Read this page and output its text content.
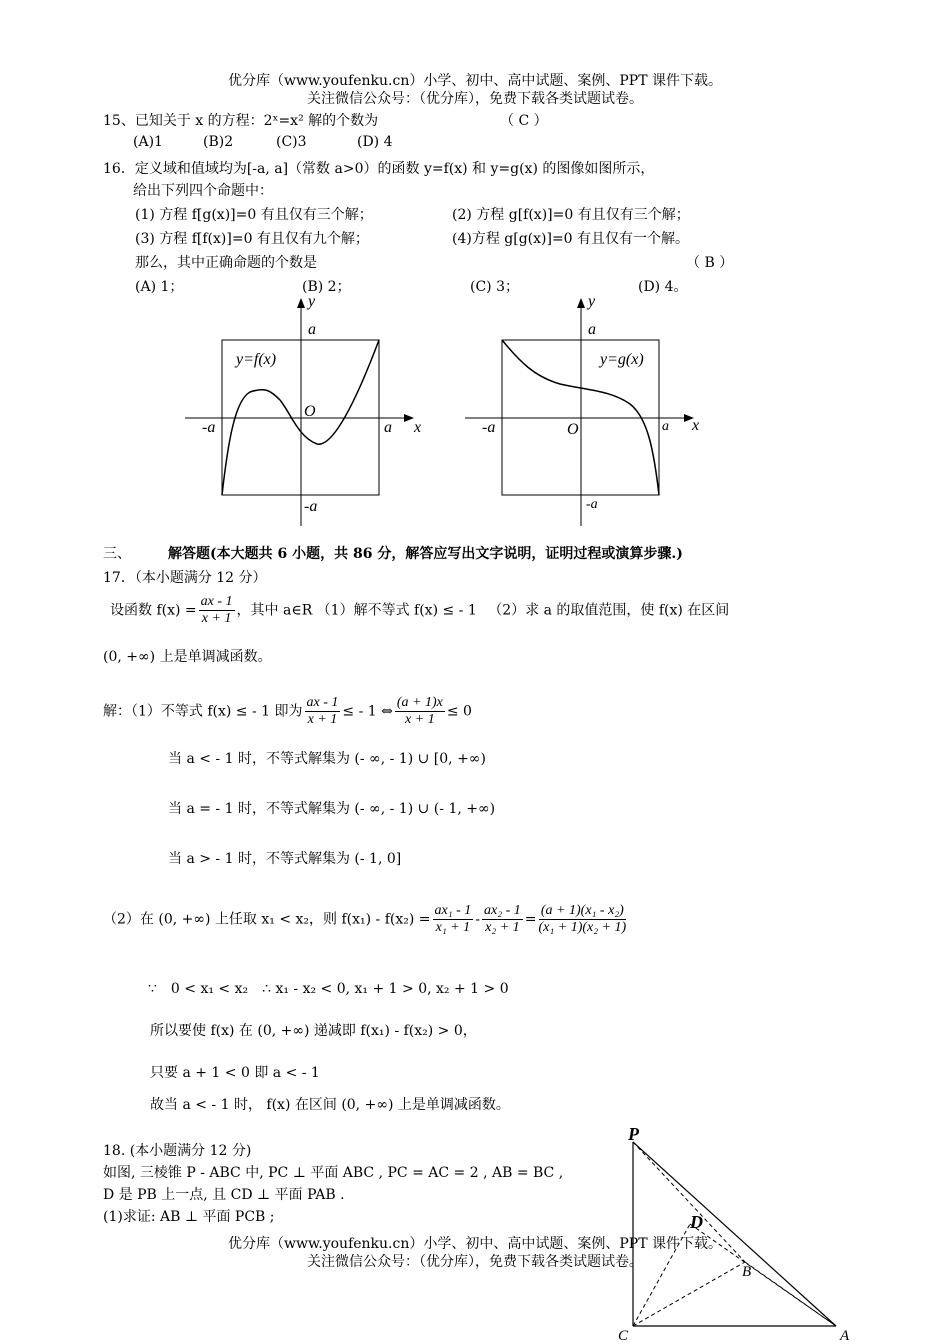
优分库（www.youfenku.cn）小学、初中、高中试题、案例、PPT 课件下载。
关注微信公众号：（优分库），免费下载各类试题试卷。
15、已知关于 x 的方程：2ˣ=x² 解的个数为	（ C ）
(A)1	(B)2	(C)3	(D) 4
16．定义域和值域均为[-a, a]（常数 a>0）的函数 y=f(x) 和 y=g(x) 的图像如图所示，
给出下列四个命题中：
(1) 方程 f[g(x)]=0 有且仅有三个解；	(2) 方程 g[f(x)]=0 有且仅有三个解；
(3) 方程 f[f(x)]=0 有且仅有九个解；	(4)方程 g[g(x)]=0 有且仅有一个解。
那么，其中正确命题的个数是	（ B ）
(A) 1；	(B) 2；	(C) 3；	(D) 4。
a
y
x
-a	a
-a
O
y=f(x)
a
y
x
-a	a
-a
O
y=g(x)
三、	解答题(本大题共 6 小题，共 86 分，解答应写出文字说明，证明过程或演算步骤.)
17．（本小题满分 12 分）
设函数 $f(x) = \frac{ax - 1}{x + 1}$ ，其中 a∈R （1）解不等式 f(x) ≤ - 1 　（2）求 a 的取值范围，使 f(x) 在区间
(0, +∞) 上是单调减函数。
解：（1）不等式 f(x) ≤ - 1 即为 $\frac{ax - 1}{x + 1}$ ≤ - 1 ⇔ $\frac{(a + 1)x}{x + 1} \le 0$
当 a < - 1 时，不等式解集为 (- ∞, - 1) ∪ [0, +∞)
当 a = - 1 时，不等式解集为 (- ∞, - 1) ∪ (- 1, +∞)
当 a > - 1 时，不等式解集为 (- 1, 0]
（2）在 (0, +∞) 上任取 x₁ < x₂，则 $f(x_1) - f(x_2) = \frac{\text{ax₁ - 1}}{\text{x₁ + 1}} - \frac{\text{ax₂ - 1}}{\text{x₂ + 1}} = \frac{\text{(a + 1)(x₁ - x₂)}}{\text{(x₁ + 1)(x₂ + 1)}}$
∵　0 < x₁ < x₂　∴ x₁ - x₂ < 0, x₁ + 1 > 0, x₂ + 1 > 0
所以要使 f(x) 在 (0, +∞) 递减即 f(x₁) - f(x₂) > 0，
只要 a + 1 < 0 即 a < - 1
故当 a < - 1 时， f(x) 在区间 (0, +∞) 上是单调减函数。
18. (本小题满分 12 分)
如图, 三棱锥 P - ABC 中, PC ⊥ 平面 ABC , PC = AC = 2 , AB = BC ,
D 是 PB 上一点, 且 CD ⊥ 平面 PAB .
(1)求证: AB ⊥ 平面 PCB ;
P
D
B
C	A
优分库（www.youfenku.cn）小学、初中、高中试题、案例、PPT 课件下载。
关注微信公众号：（优分库），免费下载各类试题试卷。
